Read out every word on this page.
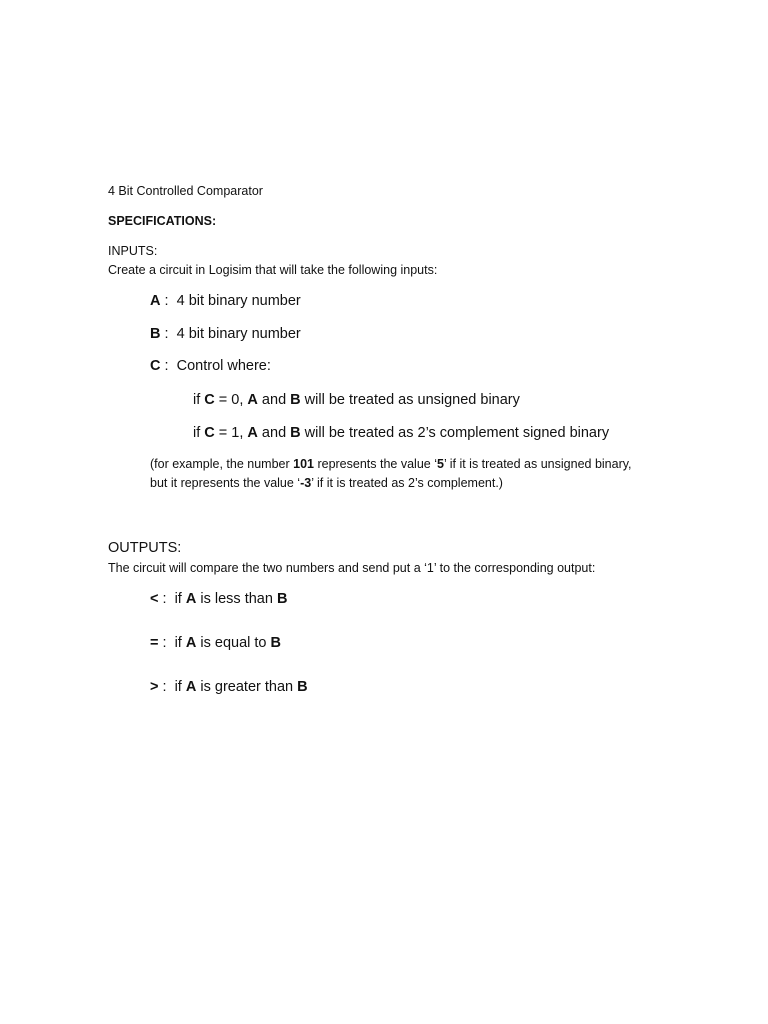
4 Bit Controlled Comparator
SPECIFICATIONS:
INPUTS:
Create a circuit in Logisim that will take the following inputs:
A :  4 bit binary number
B :  4 bit binary number
C :  Control where:
if C = 0, A and B will be treated as unsigned binary
if C = 1, A and B will be treated as 2’s complement signed binary
(for example, the number 101 represents the value ‘5’ if it is treated as unsigned binary,
but it represents the value ‘-3’ if it is treated as 2’s complement.)
OUTPUTS:
The circuit will compare the two numbers and send put a ‘1’ to the corresponding output:
< :  if A is less than B
= :  if A is equal to B
> :  if A is greater than B
